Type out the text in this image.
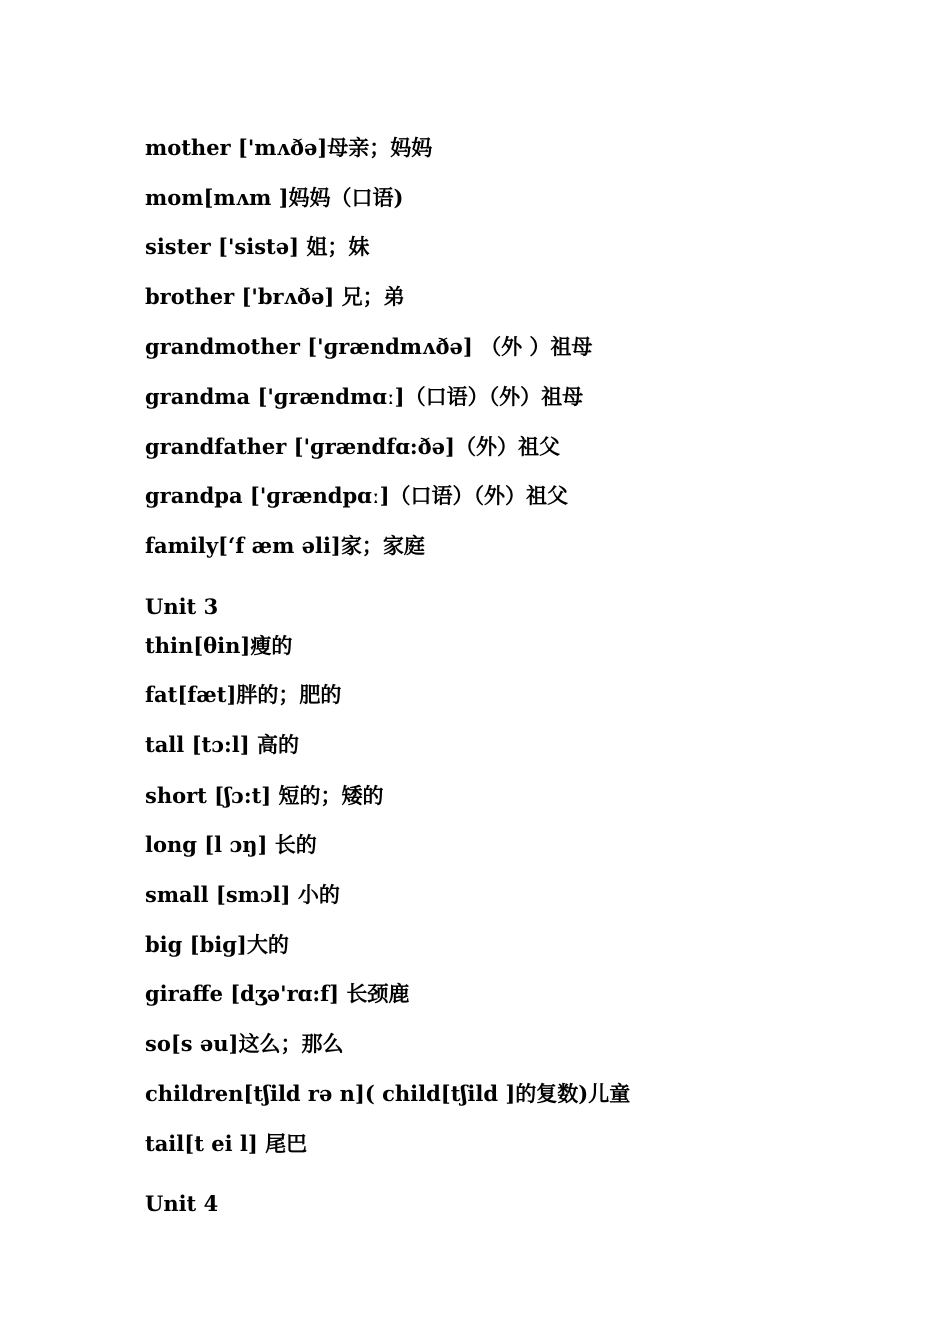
mother ['mʌðə]母亲；妈妈
mom[mʌm ]妈妈（口语)
sister ['sistə] 姐；妹
brother ['brʌðə] 兄；弟
grandmother ['ɡrændmʌðə] （外 ）祖母
grandma ['ɡrændmɑː]（口语）（外）祖母
grandfather ['ɡrændfɑ:ðə]（外）祖父
grandpa ['ɡrændpɑː]（口语）（外）祖父
family[‘f æm əli]家；家庭
Unit 3
thin[θin]瘦的
fat[fæt]胖的；肥的
tall [tɔ:l] 高的
short [ʃɔ:t] 短的；矮的
long [l ɔŋ] 长的
small [smɔl] 小的
big [biɡ]大的
giraffe [dʒə'rɑ:f] 长颈鹿
so[s əu]这么；那么
children[tʃild rə n]( child[tʃild ]的复数)儿童
tail[t ei l] 尾巴
Unit 4
